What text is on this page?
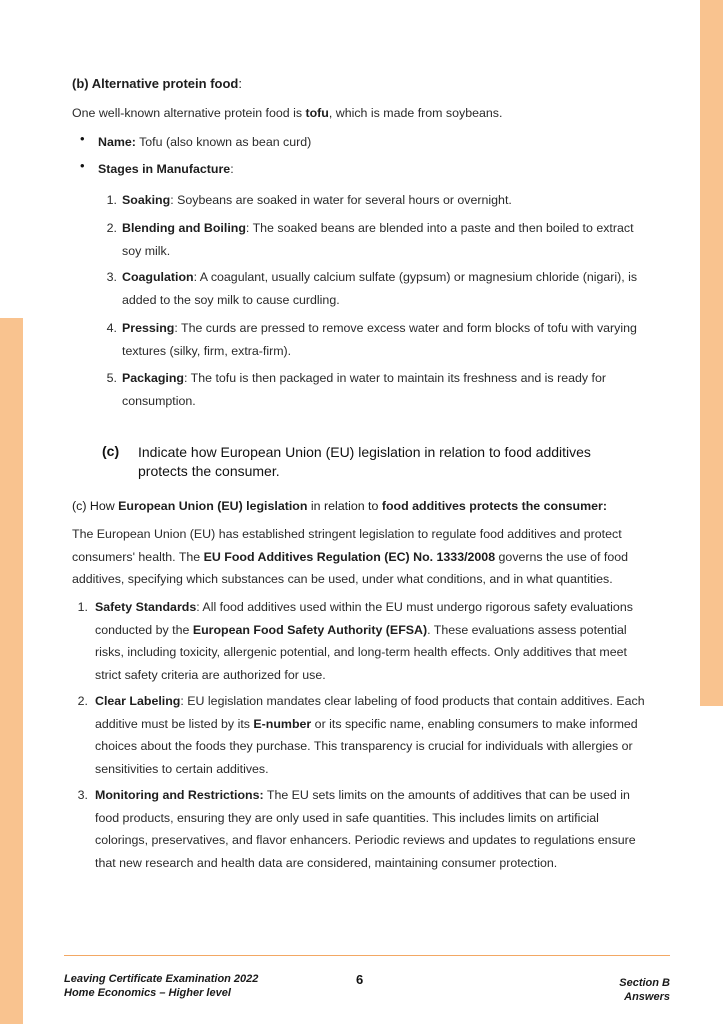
(b) Alternative protein food:
One well-known alternative protein food is tofu, which is made from soybeans.
• Name: Tofu (also known as bean curd)
• Stages in Manufacture:
1. Soaking: Soybeans are soaked in water for several hours or overnight.
2. Blending and Boiling: The soaked beans are blended into a paste and then boiled to extract soy milk.
3. Coagulation: A coagulant, usually calcium sulfate (gypsum) or magnesium chloride (nigari), is added to the soy milk to cause curdling.
4. Pressing: The curds are pressed to remove excess water and form blocks of tofu with varying textures (silky, firm, extra-firm).
5. Packaging: The tofu is then packaged in water to maintain its freshness and is ready for consumption.
(c) Indicate how European Union (EU) legislation in relation to food additives protects the consumer.
(c) How European Union (EU) legislation in relation to food additives protects the consumer:
The European Union (EU) has established stringent legislation to regulate food additives and protect consumers' health. The EU Food Additives Regulation (EC) No. 1333/2008 governs the use of food additives, specifying which substances can be used, under what conditions, and in what quantities.
1. Safety Standards: All food additives used within the EU must undergo rigorous safety evaluations conducted by the European Food Safety Authority (EFSA). These evaluations assess potential risks, including toxicity, allergenic potential, and long-term health effects. Only additives that meet strict safety criteria are authorized for use.
2. Clear Labeling: EU legislation mandates clear labeling of food products that contain additives. Each additive must be listed by its E-number or its specific name, enabling consumers to make informed choices about the foods they purchase. This transparency is crucial for individuals with allergies or sensitivities to certain additives.
3. Monitoring and Restrictions: The EU sets limits on the amounts of additives that can be used in food products, ensuring they are only used in safe quantities. This includes limits on artificial colorings, preservatives, and flavor enhancers. Periodic reviews and updates to regulations ensure that new research and health data are considered, maintaining consumer protection.
Leaving Certificate Examination 2022
Home Economics – Higher level
6	Section B
Answers
